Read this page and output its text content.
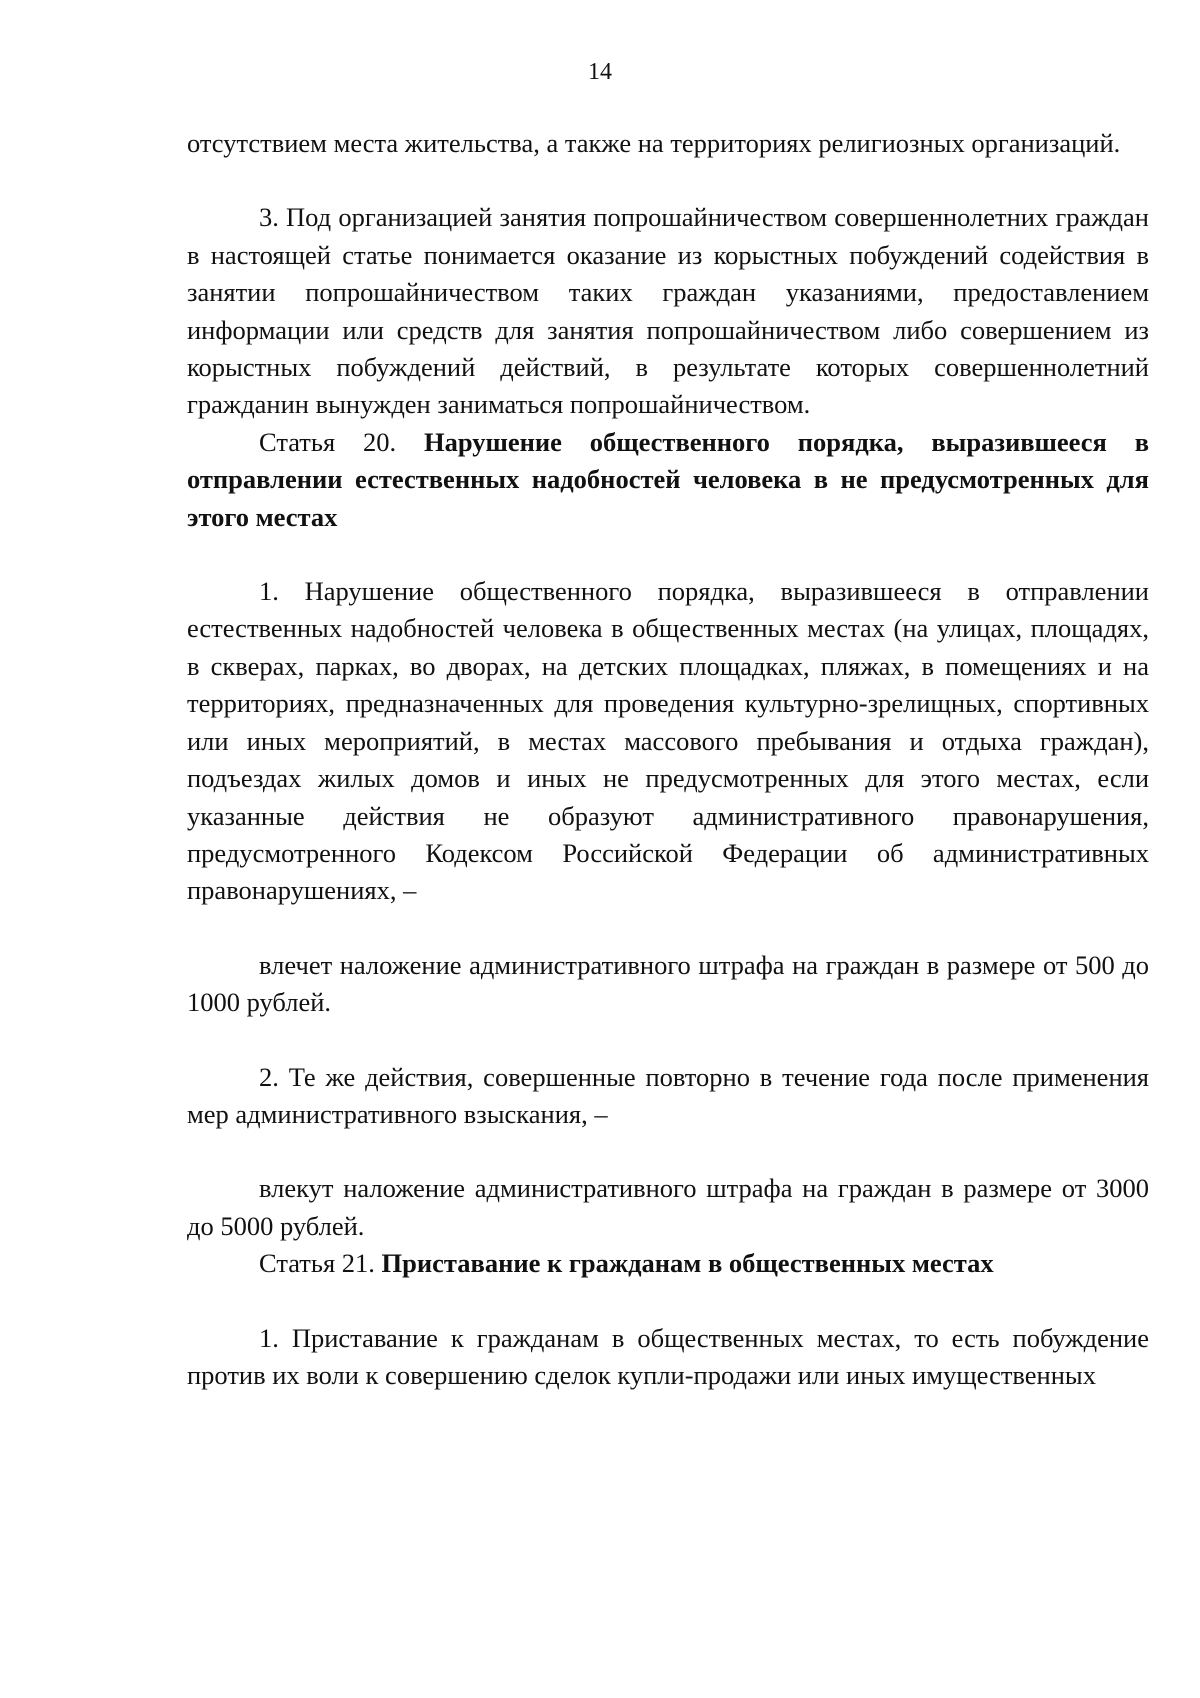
14

отсутствием места жительства, а также на территориях религиозных организаций.

3. Под организацией занятия попрошайничеством совершеннолетних граждан в настоящей статье понимается оказание из корыстных побуждений содействия в занятии попрошайничеством таких граждан указаниями, предоставлением информации или средств для занятия попрошайничеством либо совершением из корыстных побуждений действий, в результате которых совершеннолетний гражданин вынужден заниматься попрошайничеством.

Статья 20. Нарушение общественного порядка, выразившееся в отправлении естественных надобностей человека в не предусмотренных для этого местах

1. Нарушение общественного порядка, выразившееся в отправлении естественных надобностей человека в общественных местах (на улицах, площадях, в скверах, парках, во дворах, на детских площадках, пляжах, в помещениях и на территориях, предназначенных для проведения культурно-зрелищных, спортивных или иных мероприятий, в местах массового пребывания и отдыха граждан), подъездах жилых домов и иных не предусмотренных для этого местах, если указанные действия не образуют административного правонарушения, предусмотренного Кодексом Российской Федерации об административных правонарушениях, –

влечет наложение административного штрафа на граждан в размере от 500 до 1000 рублей.

2. Те же действия, совершенные повторно в течение года после применения мер административного взыскания, –

влекут наложение административного штрафа на граждан в размере от 3000 до 5000 рублей.

Статья 21. Приставание к гражданам в общественных местах

1. Приставание к гражданам в общественных местах, то есть побуждение против их воли к совершению сделок купли-продажи или иных имущественных
